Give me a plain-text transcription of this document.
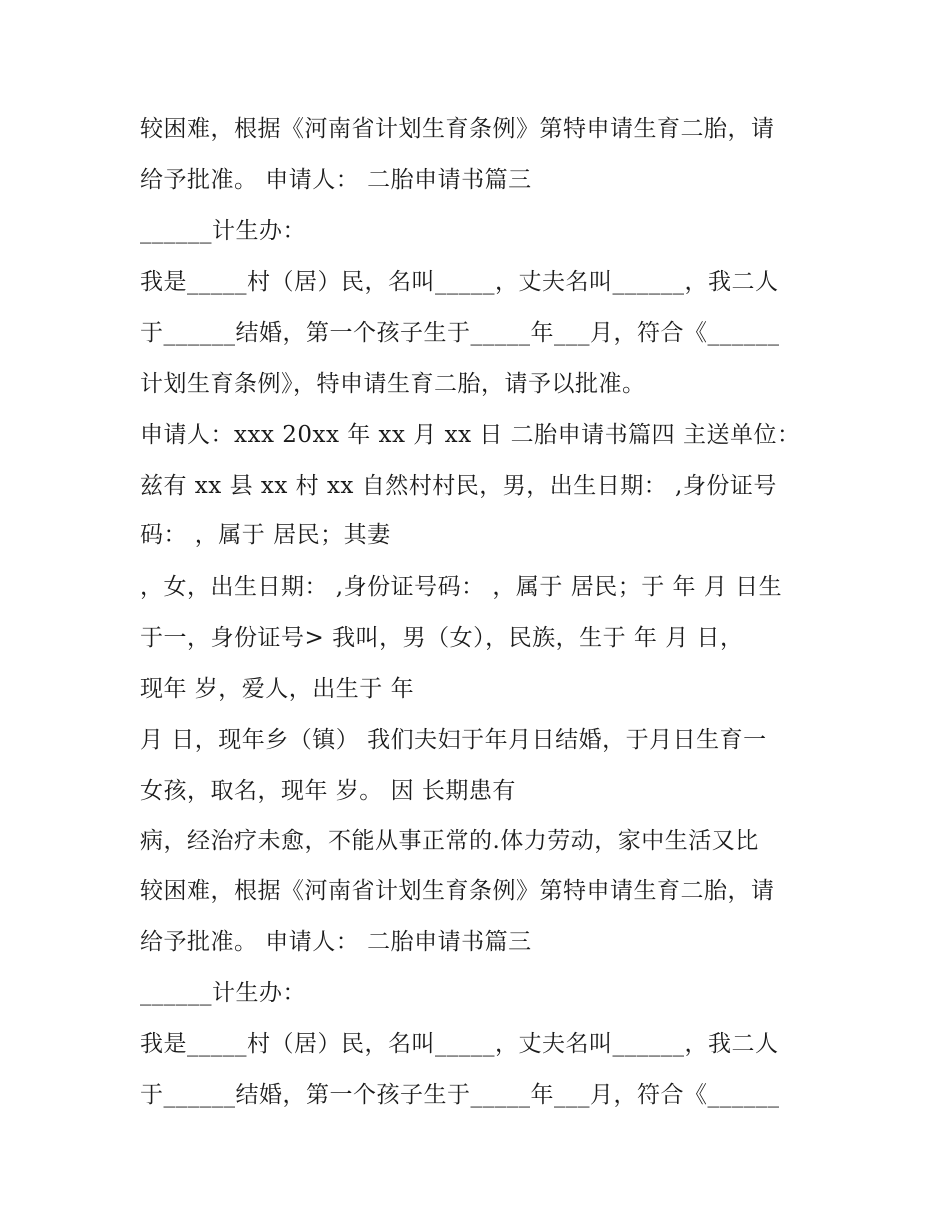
较困难，根据《河南省计划生育条例》第特申请生育二胎，请
给予批准。 申请人： 二胎申请书篇三
______计生办：
我是_____村（居）民，名叫_____，丈夫名叫______，我二人
于______结婚，第一个孩子生于_____年___月，符合《______
计划生育条例》，特申请生育二胎，请予以批准。
申请人：xxx 20xx 年 xx 月 xx 日 二胎申请书篇四 主送单位：
兹有 xx 县 xx 村 xx 自然村村民，男，出生日期： ,身份证号
码： ，属于 居民；其妻
，女，出生日期： ,身份证号码： ，属于 居民；于 年 月 日生
于一，身份证号> 我叫，男（女），民族，生于 年 月 日，
现年 岁，爱人，出生于 年
月 日，现年乡（镇） 我们夫妇于年月日结婚，于月日生育一
女孩，取名，现年 岁。 因 长期患有
病，经治疗未愈，不能从事正常的.体力劳动，家中生活又比
较困难，根据《河南省计划生育条例》第特申请生育二胎，请
给予批准。 申请人： 二胎申请书篇三
______计生办：
我是_____村（居）民，名叫_____，丈夫名叫______，我二人
于______结婚，第一个孩子生于_____年___月，符合《______
